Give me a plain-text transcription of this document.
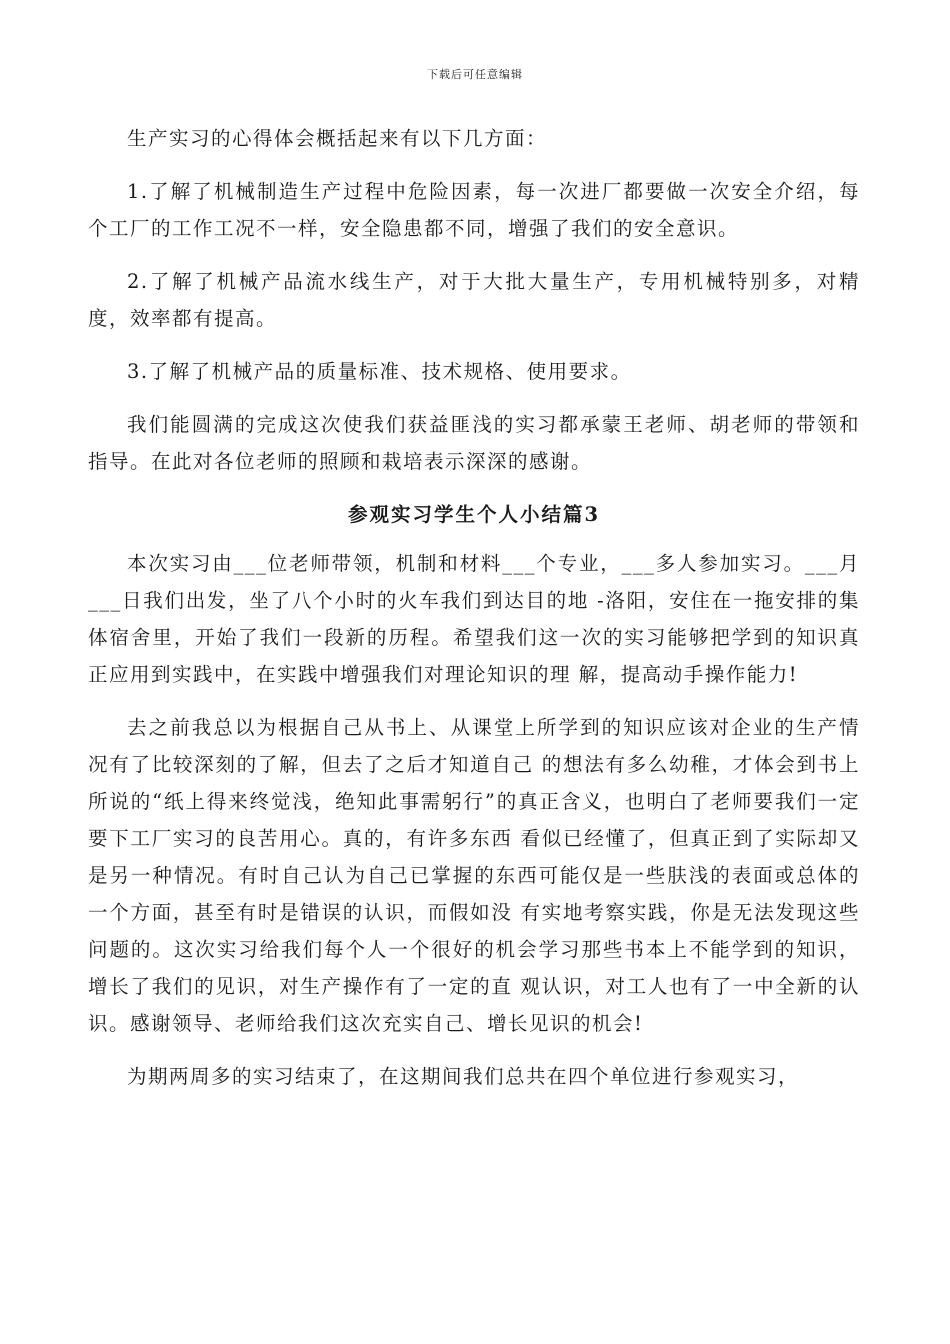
下载后可任意编辑

生产实习的心得体会概括起来有以下几方面：

1.了解了机械制造生产过程中危险因素，每一次进厂都要做一次安全介绍，每个工厂的工作工况不一样，安全隐患都不同，增强了我们的安全意识。

2.了解了机械产品流水线生产，对于大批大量生产，专用机械特别多，对精度，效率都有提高。

3.了解了机械产品的质量标准、技术规格、使用要求。

我们能圆满的完成这次使我们获益匪浅的实习都承蒙王老师、胡老师的带领和指导。在此对各位老师的照顾和栽培表示深深的感谢。

参观实习学生个人小结篇3

本次实习由___位老师带领，机制和材料___个专业，___多人参加实习。___月___日我们出发，坐了八个小时的火车我们到达目的地 -洛阳，安住在一拖安排的集体宿舍里，开始了我们一段新的历程。希望我们这一次的实习能够把学到的知识真正应用到实践中，在实践中增强我们对理论知识的理 解，提高动手操作能力!

去之前我总以为根据自己从书上、从课堂上所学到的知识应该对企业的生产情况有了比较深刻的了解，但去了之后才知道自己 的想法有多么幼稚，才体会到书上所说的“纸上得来终觉浅，绝知此事需躬行”的真正含义，也明白了老师要我们一定要下工厂实习的良苦用心。真的，有许多东西 看似已经懂了，但真正到了实际却又是另一种情况。有时自己认为自己已掌握的东西可能仅是一些肤浅的表面或总体的一个方面，甚至有时是错误的认识，而假如没 有实地考察实践，你是无法发现这些问题的。这次实习给我们每个人一个很好的机会学习那些书本上不能学到的知识，增长了我们的见识，对生产操作有了一定的直 观认识，对工人也有了一中全新的认识。感谢领导、老师给我们这次充实自己、增长见识的机会!

为期两周多的实习结束了，在这期间我们总共在四个单位进行参观实习，
